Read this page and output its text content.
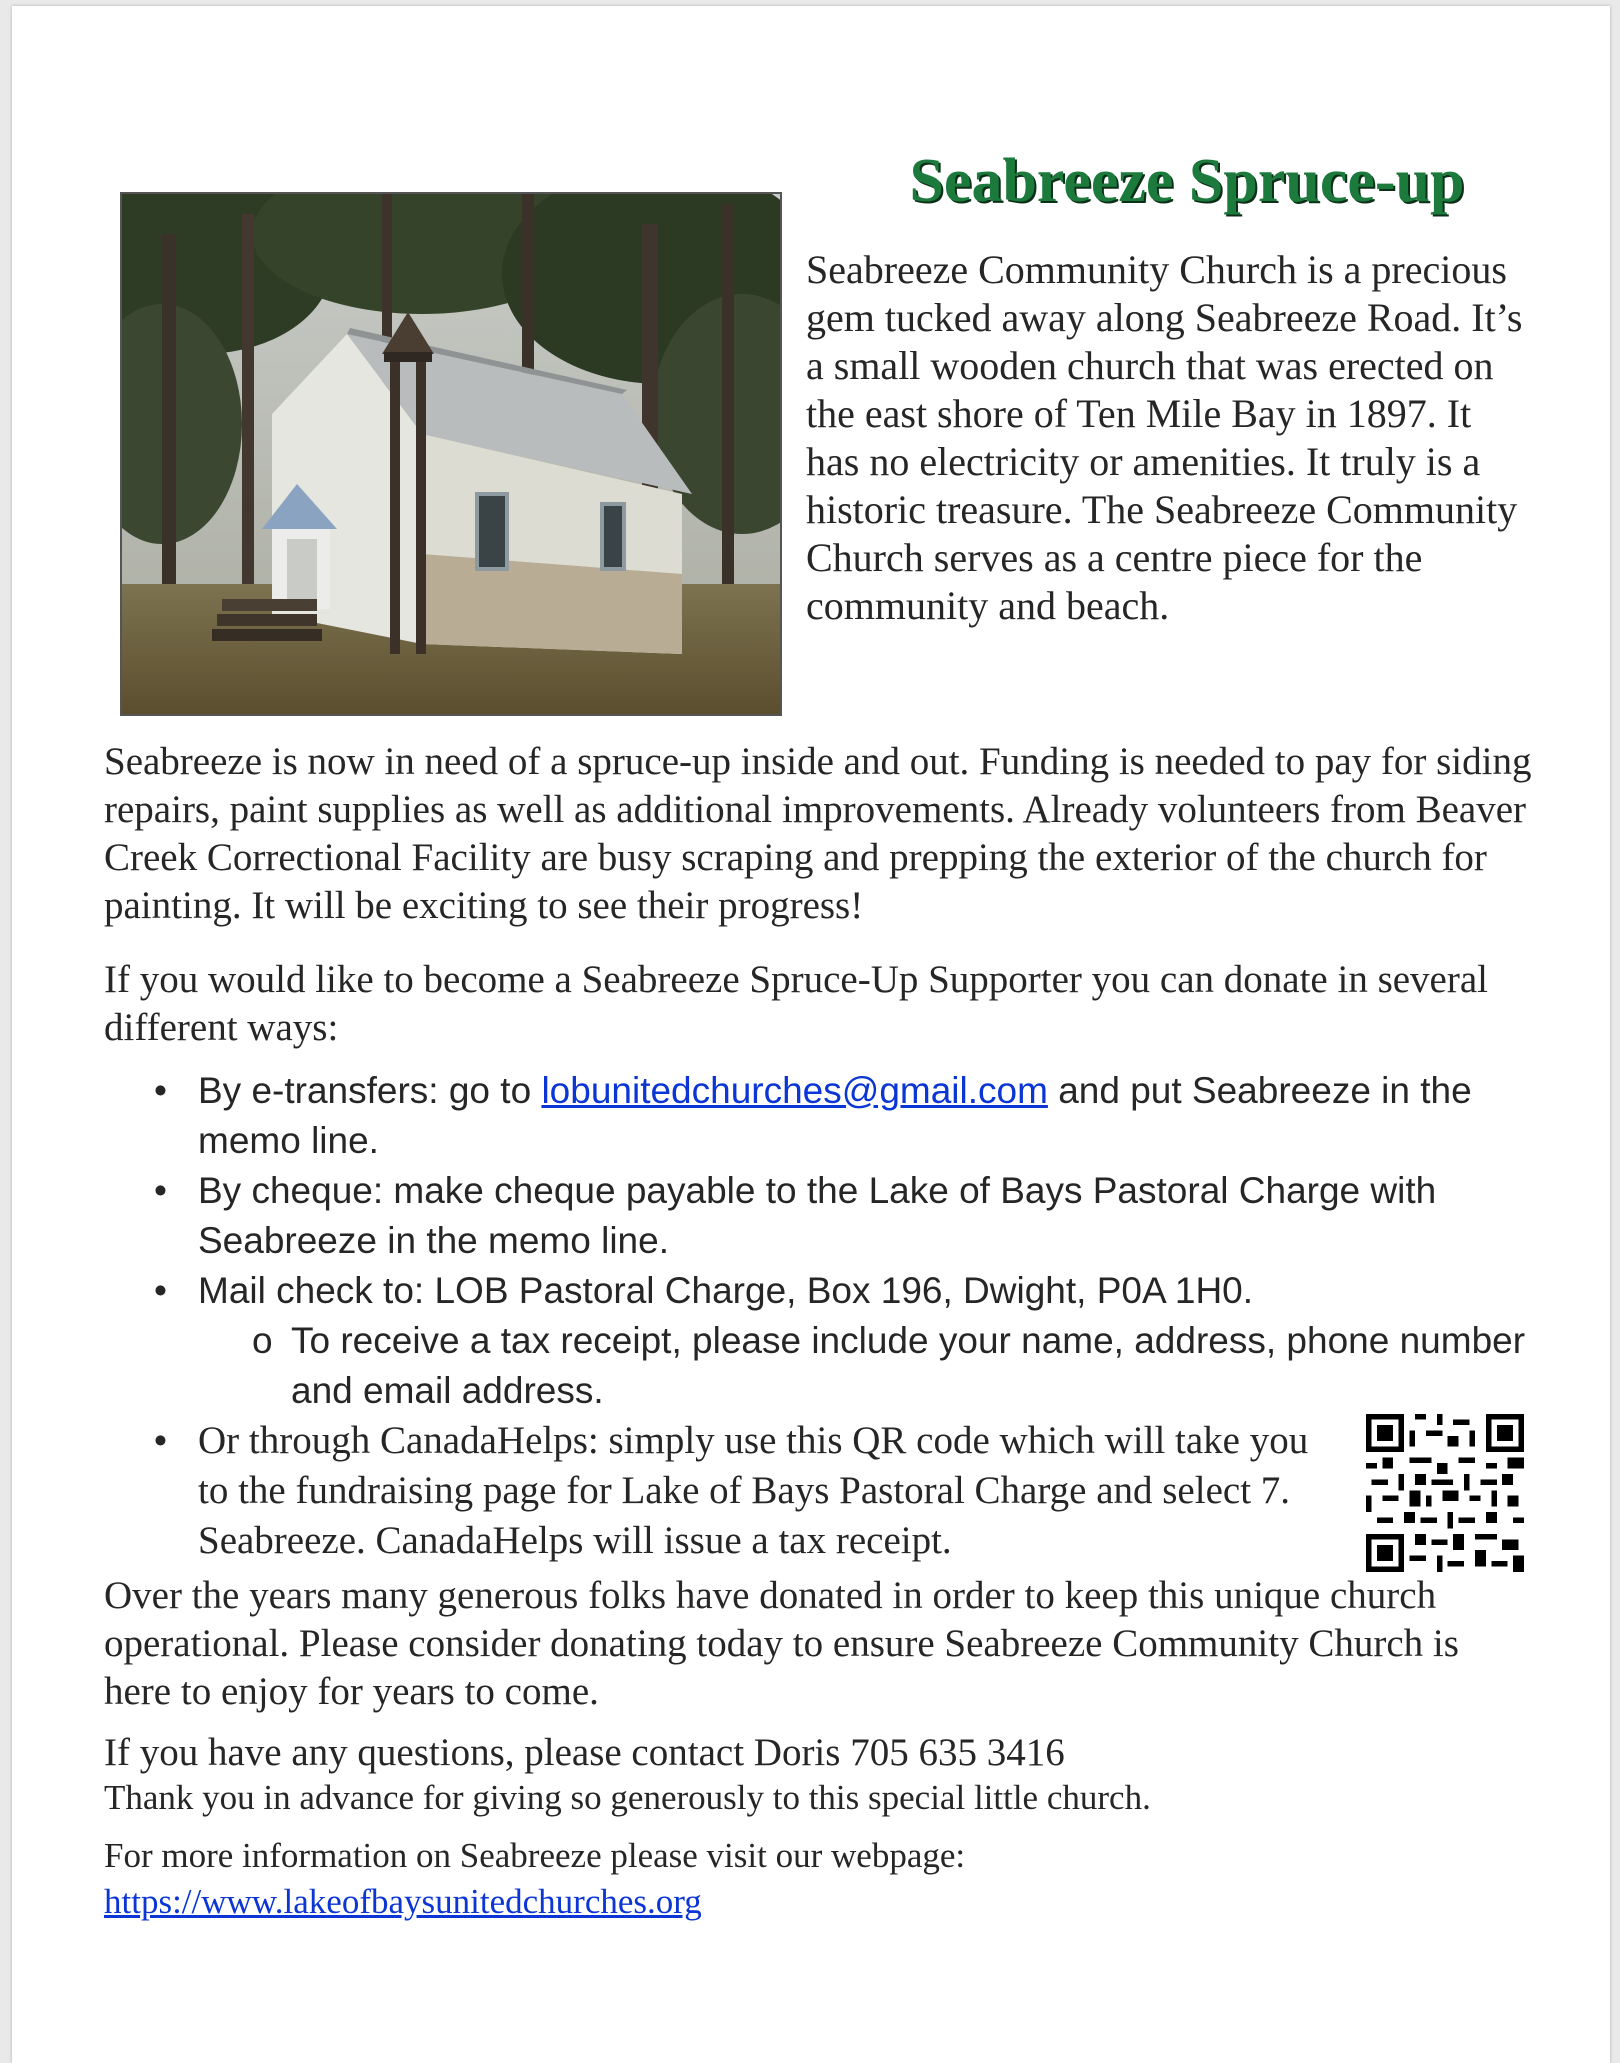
Seabreeze Spruce-up

Seabreeze Community Church is a precious gem tucked away along Seabreeze Road. It’s a small wooden church that was erected on the east shore of Ten Mile Bay in 1897. It has no electricity or amenities. It truly is a historic treasure. The Seabreeze Community Church serves as a centre piece for the community and beach.

Seabreeze is now in need of a spruce-up inside and out. Funding is needed to pay for siding repairs, paint supplies as well as additional improvements. Already volunteers from Beaver Creek Correctional Facility are busy scraping and prepping the exterior of the church for painting. It will be exciting to see their progress!

If you would like to become a Seabreeze Spruce-Up Supporter you can donate in several different ways:

• By e-transfers: go to lobunitedchurches@gmail.com and put Seabreeze in the memo line.
• By cheque: make cheque payable to the Lake of Bays Pastoral Charge with Seabreeze in the memo line.
• Mail check to: LOB Pastoral Charge, Box 196, Dwight, P0A 1H0.
o To receive a tax receipt, please include your name, address, phone number and email address.
• Or through CanadaHelps: simply use this QR code which will take you to the fundraising page for Lake of Bays Pastoral Charge and select 7. Seabreeze. CanadaHelps will issue a tax receipt.

Over the years many generous folks have donated in order to keep this unique church operational. Please consider donating today to ensure Seabreeze Community Church is here to enjoy for years to come.

If you have any questions, please contact Doris 705 635 3416

Thank you in advance for giving so generously to this special little church.

For more information on Seabreeze please visit our webpage:

https://www.lakeofbaysunitedchurches.org
